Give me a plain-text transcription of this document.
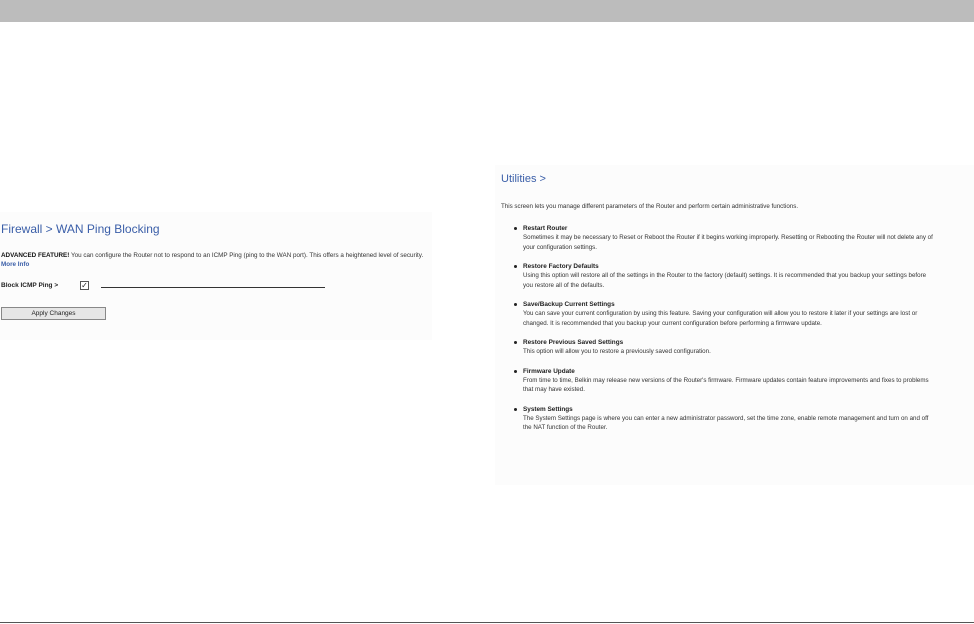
Firewall > WAN Ping Blocking
ADVANCED FEATURE! You can configure the Router not to respond to an ICMP Ping (ping to the WAN port). This offers a heightened level of security. More Info
Block ICMP Ping >	✓
Apply Changes
Utilities >
This screen lets you manage different parameters of the Router and perform certain administrative functions.
Restart Router
Sometimes it may be necessary to Reset or Reboot the Router if it begins working improperly. Resetting or Rebooting the Router will not delete any of your configuration settings.
Restore Factory Defaults
Using this option will restore all of the settings in the Router to the factory (default) settings. It is recommended that you backup your settings before you restore all of the defaults.
Save/Backup Current Settings
You can save your current configuration by using this feature. Saving your configuration will allow you to restore it later if your settings are lost or changed. It is recommended that you backup your current configuration before performing a firmware update.
Restore Previous Saved Settings
This option will allow you to restore a previously saved configuration.
Firmware Update
From time to time, Belkin may release new versions of the Router's firmware. Firmware updates contain feature improvements and fixes to problems that may have existed.
System Settings
The System Settings page is where you can enter a new administrator password, set the time zone, enable remote management and turn on and off the NAT function of the Router.
